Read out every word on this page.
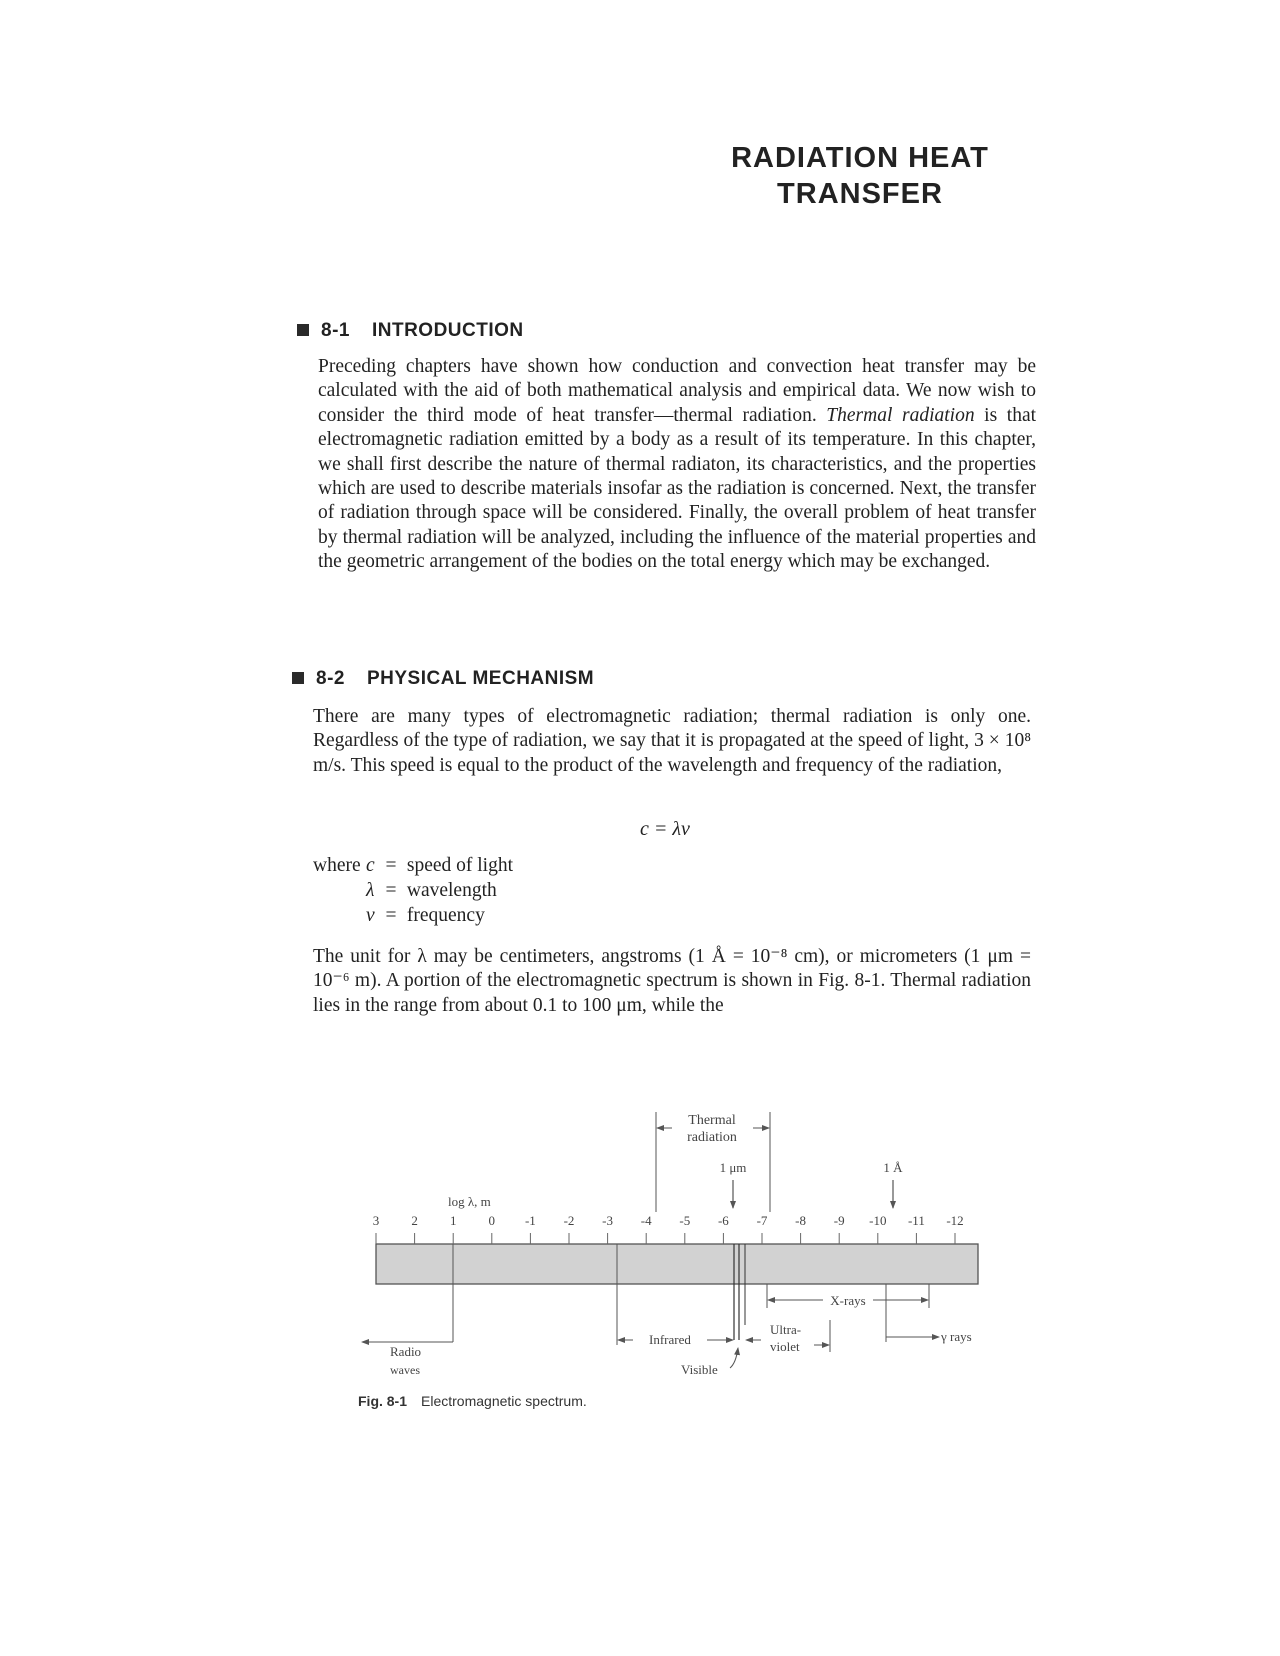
RADIATION HEAT
TRANSFER
8-1 INTRODUCTION

Preceding chapters have shown how conduction and convection heat transfer may be calculated with the aid of both mathematical analysis and empirical data. We now wish to consider the third mode of heat transfer—thermal radiation. Thermal radiation is that electromagnetic radiation emitted by a body as a result of its temperature. In this chapter, we shall first describe the nature of thermal radiaton, its characteristics, and the properties which are used to describe materials insofar as the radiation is concerned. Next, the transfer of radiation through space will be considered. Finally, the overall problem of heat transfer by thermal radiation will be analyzed, including the influence of the material properties and the geometric arrangement of the bodies on the total energy which may be exchanged.

8-2 PHYSICAL MECHANISM

There are many types of electromagnetic radiation; thermal radiation is only one. Regardless of the type of radiation, we say that it is propagated at the speed of light, 3 × 10⁸ m/s. This speed is equal to the product of the wavelength and frequency of the radiation,

c = λν
where c = speed of light
λ = wavelength
ν = frequency

The unit for λ may be centimeters, angstroms (1 Å = 10⁻⁸ cm), or micrometers (1 μm = 10⁻⁶ m). A portion of the electromagnetic spectrum is shown in Fig. 8-1. Thermal radiation lies in the range from about 0.1 to 100 μm, while the

3 2 1 0 -1 -2 -3 -4 -5 -6 -7 -8 -9 -10 -11 -12
log λ, m
Thermal
radiation
1 μm	1 Å
Radio
waves
Infrared
Visible
Ultra-
violet
X-rays
γ rays
Fig. 8-1 Electromagnetic spectrum.
